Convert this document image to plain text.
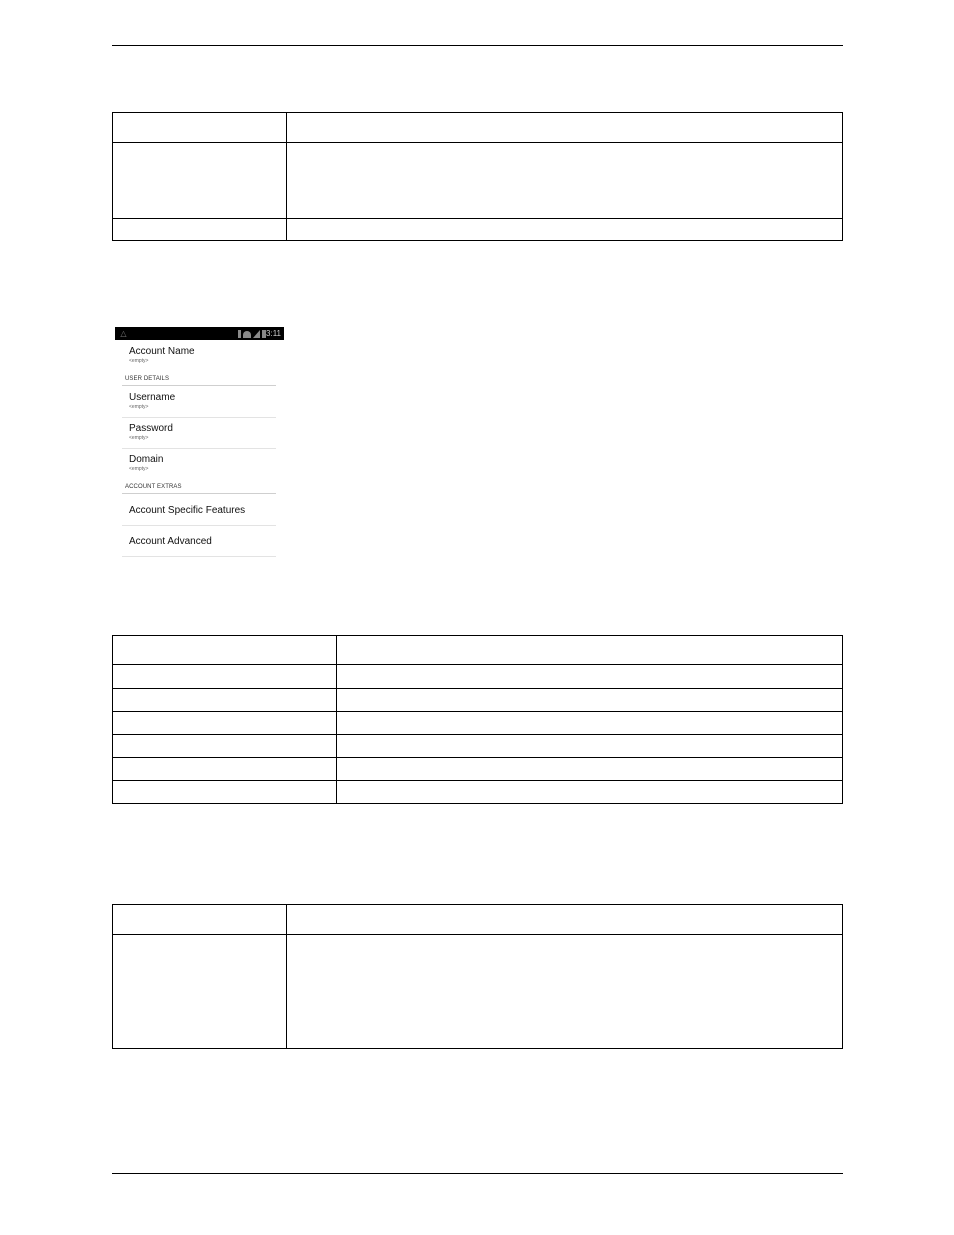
△	3:11
Account Name
<empty>
USER DETAILS
Username
<empty>
Password
<empty>
Domain
<empty>
ACCOUNT EXTRAS
Account Specific Features
Account Advanced
